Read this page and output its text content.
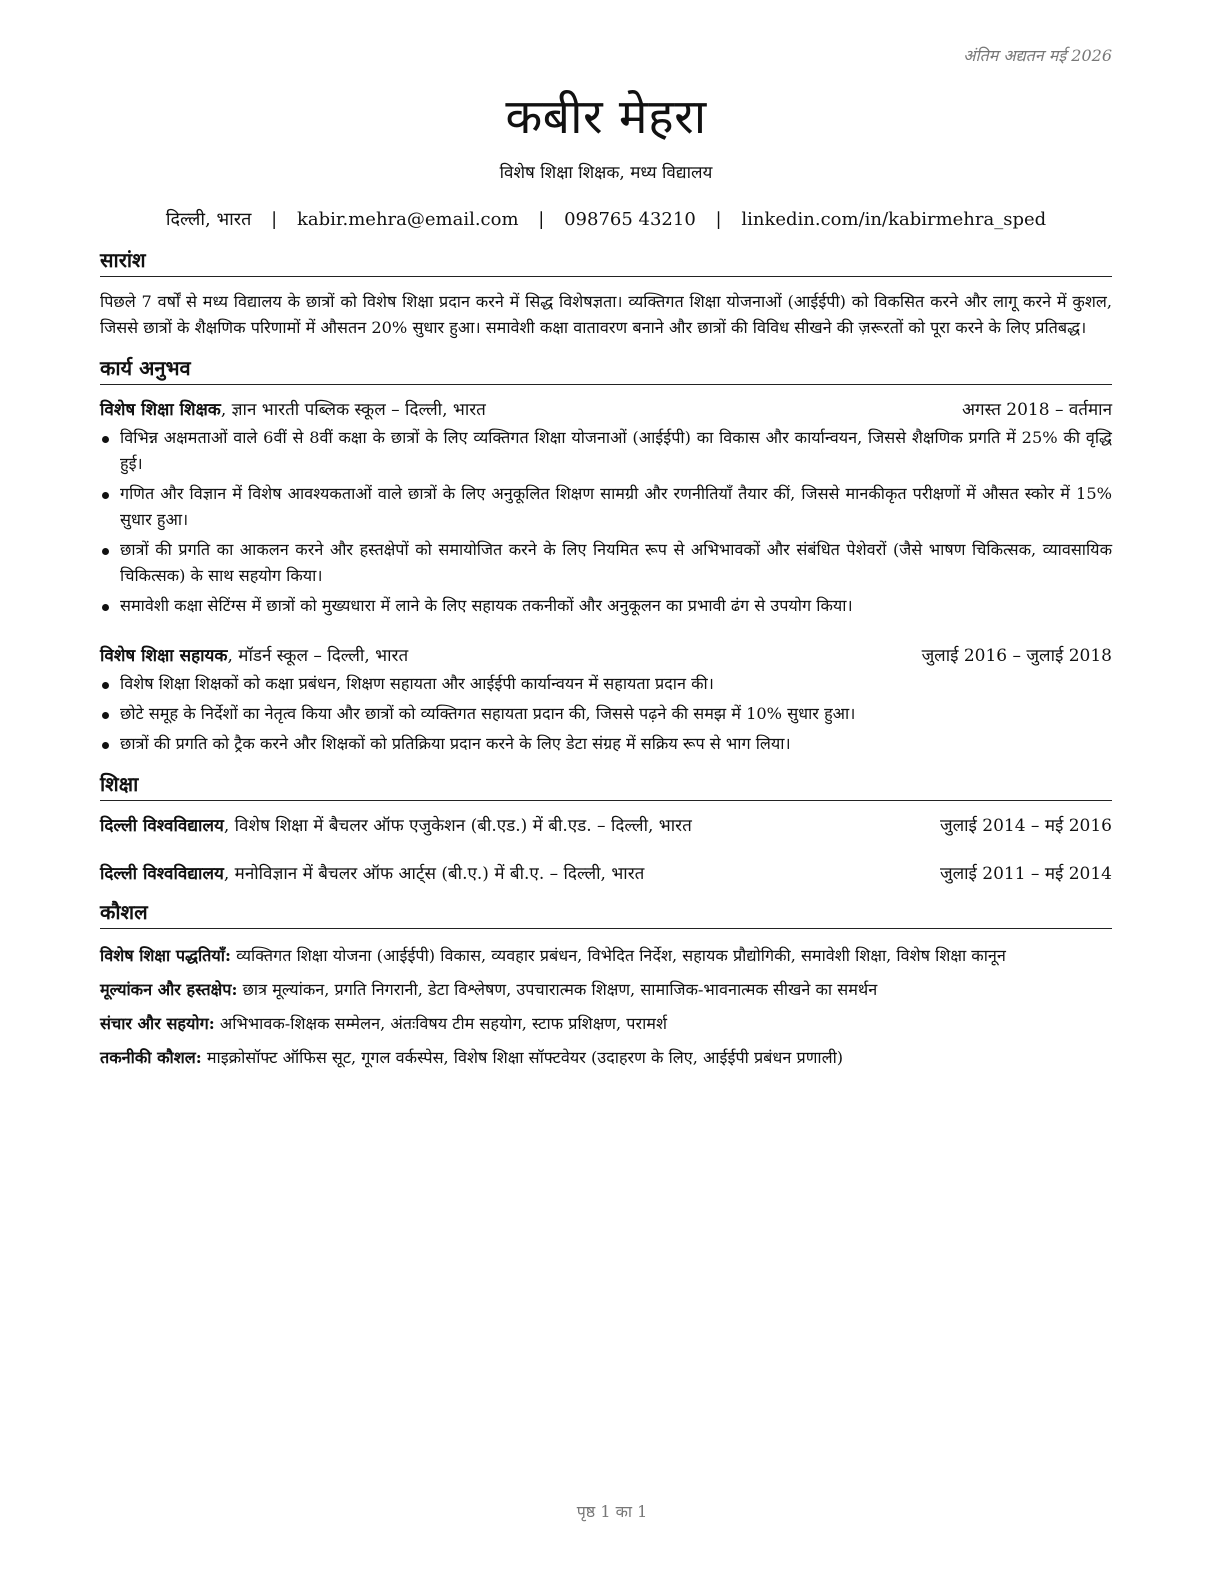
अंतिम अद्यतन मई 2026
कबीर मेहरा
विशेष शिक्षा शिक्षक, मध्य विद्यालय
दिल्ली, भारत | kabir.mehra@email.com | 098765 43210 | linkedin.com/in/kabirmehra_sped
सारांश

पिछले 7 वर्षों से मध्य विद्यालय के छात्रों को विशेष शिक्षा प्रदान करने में सिद्ध विशेषज्ञता। व्यक्तिगत शिक्षा योजनाओं (आईईपी) को विकसित करने और लागू करने में कुशल, जिससे छात्रों के शैक्षणिक परिणामों में औसतन 20% सुधार हुआ। समावेशी कक्षा वातावरण बनाने और छात्रों की विविध सीखने की ज़रूरतों को पूरा करने के लिए प्रतिबद्ध।

कार्य अनुभव
विशेष शिक्षा शिक्षक, ज्ञान भारती पब्लिक स्कूल – दिल्ली, भारत	अगस्त 2018 – वर्तमान
विभिन्न अक्षमताओं वाले 6वीं से 8वीं कक्षा के छात्रों के लिए व्यक्तिगत शिक्षा योजनाओं (आईईपी) का विकास और कार्यान्वयन, जिससे शैक्षणिक प्रगति में 25% की वृद्धि हुई।
गणित और विज्ञान में विशेष आवश्यकताओं वाले छात्रों के लिए अनुकूलित शिक्षण सामग्री और रणनीतियाँ तैयार कीं, जिससे मानकीकृत परीक्षणों में औसत स्कोर में 15% सुधार हुआ।
छात्रों की प्रगति का आकलन करने और हस्तक्षेपों को समायोजित करने के लिए नियमित रूप से अभिभावकों और संबंधित पेशेवरों (जैसे भाषण चिकित्सक, व्यावसायिक चिकित्सक) के साथ सहयोग किया।
समावेशी कक्षा सेटिंग्स में छात्रों को मुख्यधारा में लाने के लिए सहायक तकनीकों और अनुकूलन का प्रभावी ढंग से उपयोग किया।
विशेष शिक्षा सहायक, मॉडर्न स्कूल – दिल्ली, भारत	जुलाई 2016 – जुलाई 2018
विशेष शिक्षा शिक्षकों को कक्षा प्रबंधन, शिक्षण सहायता और आईईपी कार्यान्वयन में सहायता प्रदान की।
छोटे समूह के निर्देशों का नेतृत्व किया और छात्रों को व्यक्तिगत सहायता प्रदान की, जिससे पढ़ने की समझ में 10% सुधार हुआ।
छात्रों की प्रगति को ट्रैक करने और शिक्षकों को प्रतिक्रिया प्रदान करने के लिए डेटा संग्रह में सक्रिय रूप से भाग लिया।
शिक्षा
दिल्ली विश्वविद्यालय, विशेष शिक्षा में बैचलर ऑफ एजुकेशन (बी.एड.) में बी.एड. – दिल्ली, भारत	जुलाई 2014 – मई 2016
दिल्ली विश्वविद्यालय, मनोविज्ञान में बैचलर ऑफ आर्ट्स (बी.ए.) में बी.ए. – दिल्ली, भारत	जुलाई 2011 – मई 2014
कौशल
विशेष शिक्षा पद्धतियाँ: व्यक्तिगत शिक्षा योजना (आईईपी) विकास, व्यवहार प्रबंधन, विभेदित निर्देश, सहायक प्रौद्योगिकी, समावेशी शिक्षा, विशेष शिक्षा कानून
मूल्यांकन और हस्तक्षेप: छात्र मूल्यांकन, प्रगति निगरानी, डेटा विश्लेषण, उपचारात्मक शिक्षण, सामाजिक-भावनात्मक सीखने का समर्थन
संचार और सहयोग: अभिभावक-शिक्षक सम्मेलन, अंतःविषय टीम सहयोग, स्टाफ प्रशिक्षण, परामर्श
तकनीकी कौशल: माइक्रोसॉफ्ट ऑफिस सूट, गूगल वर्कस्पेस, विशेष शिक्षा सॉफ्टवेयर (उदाहरण के लिए, आईईपी प्रबंधन प्रणाली)
पृष्ठ 1 का 1
